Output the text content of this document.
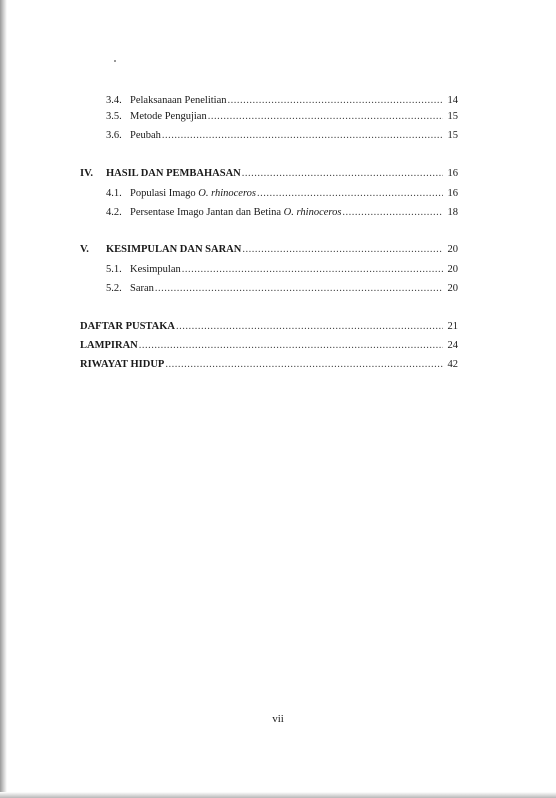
3.4. Pelaksanaan Penelitian .....	14
3.5. Metode Pengujian .....	15
3.6. Peubah .....	15
IV.	HASIL DAN PEMBAHASAN .....	16
4.1. Populasi Imago O. rhinoceros .....	16
4.2. Persentase Imago Jantan dan Betina O. rhinoceros .....	18
V.	KESIMPULAN DAN SARAN .....	20
5.1. Kesimpulan .....	20
5.2. Saran .....	20
DAFTAR PUSTAKA .....	21
LAMPIRAN .....	24
RIWAYAT HIDUP .....	42
vii
